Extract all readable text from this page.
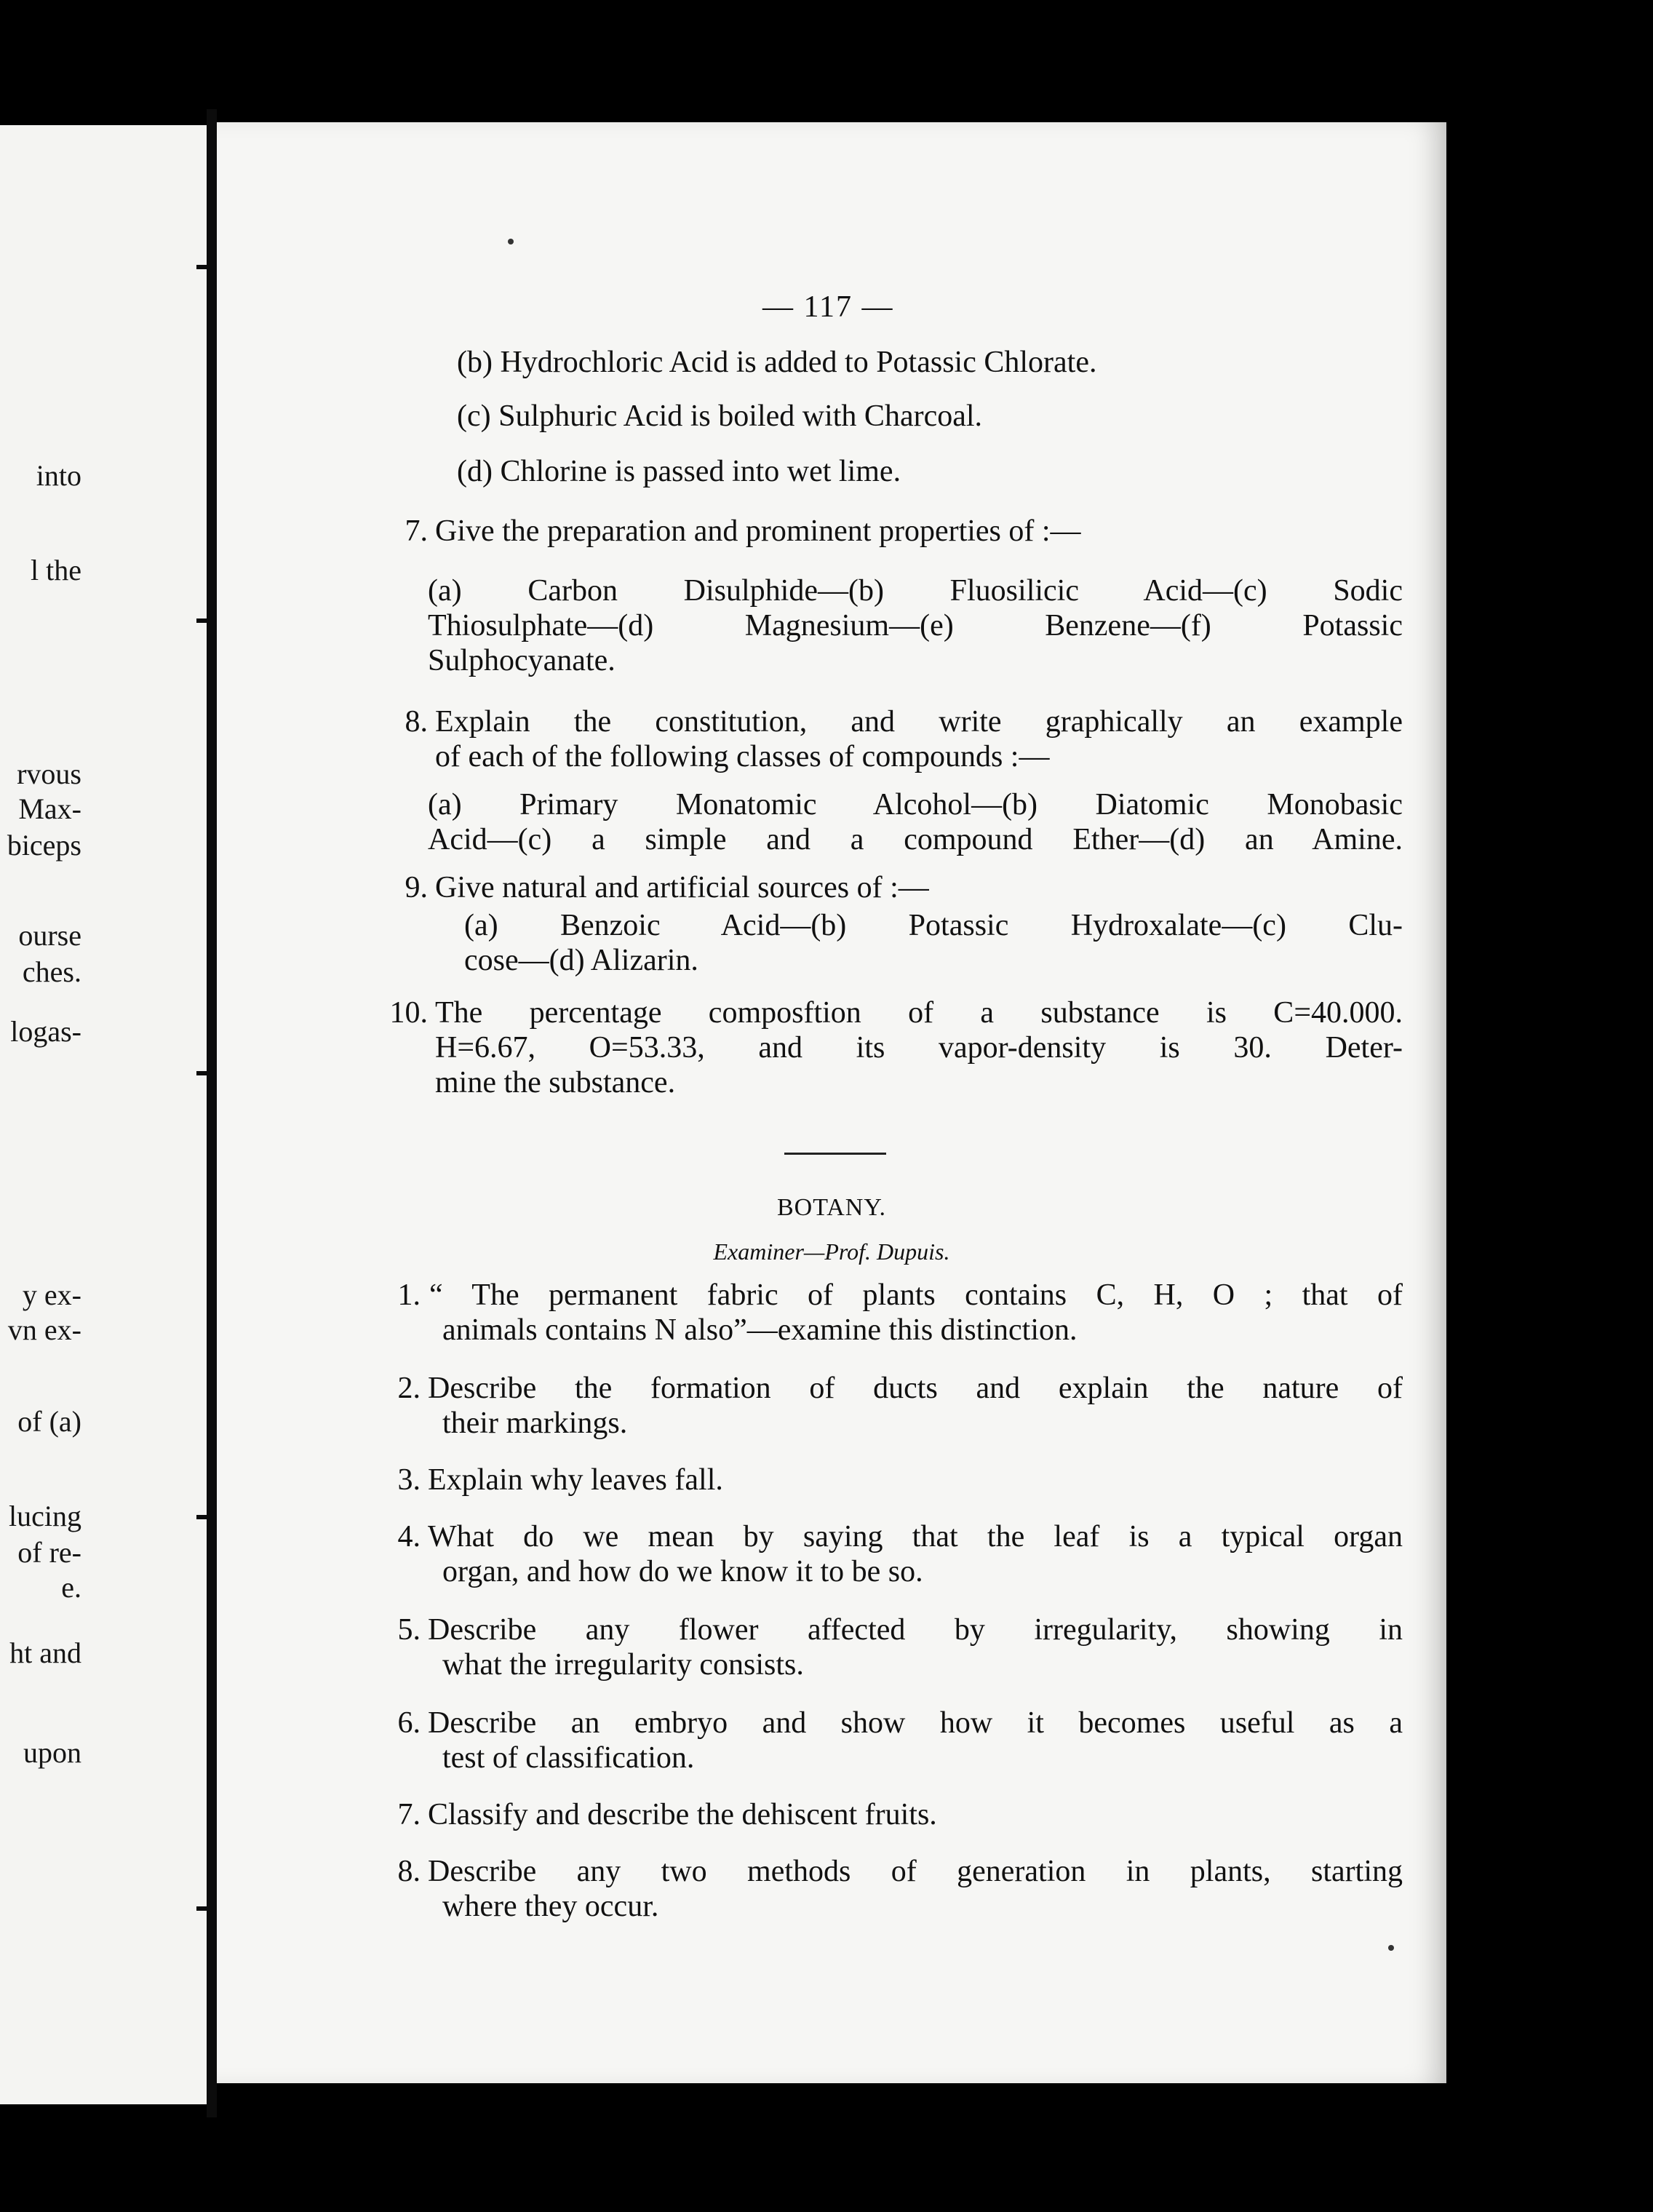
into
l the
rvous
Max-
biceps
ourse
ches.
logas-
y ex-
vn ex-
of (a)
lucing
of re-
e.
ht and
upon
— 117 —
(b) Hydrochloric Acid is added to Potassic Chlorate.
(c) Sulphuric Acid is boiled with Charcoal.
(d) Chlorine is passed into wet lime.
7. Give the preparation and prominent properties of :—
(a) Carbon Disulphide—(b) Fluosilicic Acid—(c) Sodic
Thiosulphate—(d) Magnesium—(e) Benzene—(f) Potassic
Sulphocyanate.
8. Explain the constitution, and write graphically an example
of each of the following classes of compounds :—
(a) Primary Monatomic Alcohol—(b) Diatomic Monobasic
Acid—(c) a simple and a compound Ether—(d) an Amine.
9. Give natural and artificial sources of :—
(a) Benzoic Acid—(b) Potassic Hydroxalate—(c) Clu-
cose—(d) Alizarin.
10. The percentage composftion of a substance is C=40.000.
H=6.67, O=53.33, and its vapor-density is 30. Deter-
mine the substance.
BOTANY.
Examiner—Prof. Dupuis.
1. “ The permanent fabric of plants contains C, H, O ; that of
animals contains N also”—examine this distinction.
2. Describe the formation of ducts and explain the nature of
their markings.
3. Explain why leaves fall.
4. What do we mean by saying that the leaf is a typical organ
organ, and how do we know it to be so.
5. Describe any flower affected by irregularity, showing in
what the irregularity consists.
6. Describe an embryo and show how it becomes useful as a
test of classification.
7. Classify and describe the dehiscent fruits.
8. Describe any two methods of generation in plants, starting
where they occur.
